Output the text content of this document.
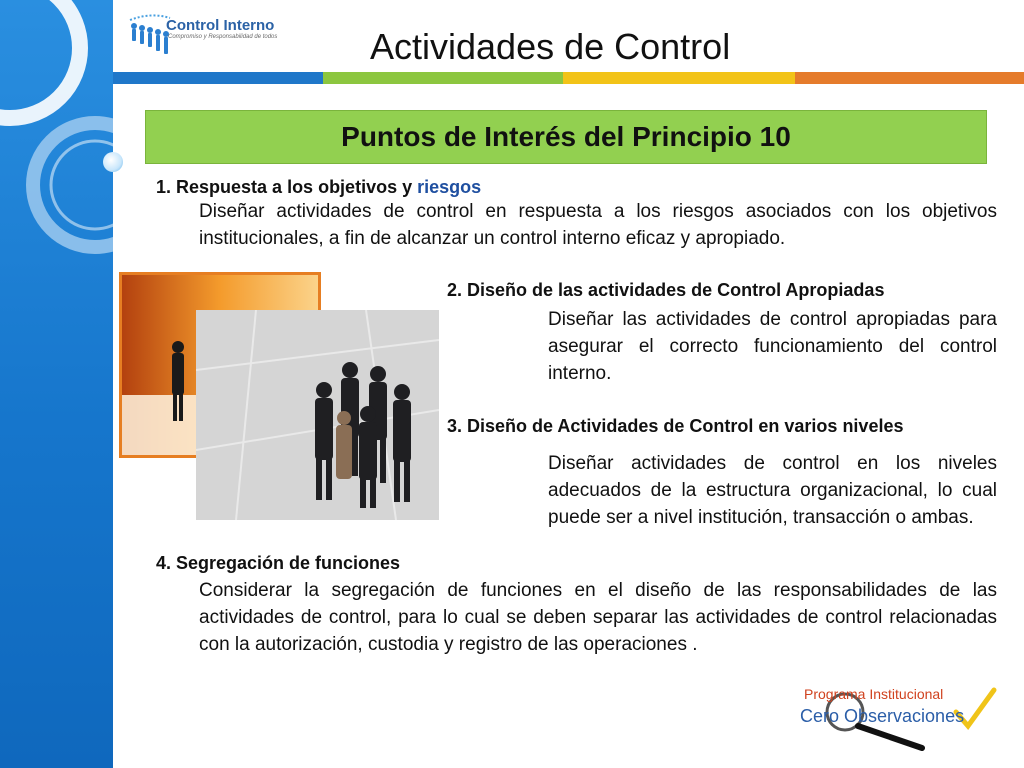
Control Interno
Compromiso y Responsabilidad de todos	Actividades de Control
Puntos de Interés del Principio 10
1. Respuesta a los objetivos y riesgos
Diseñar actividades de control en respuesta a los riesgos asociados con los objetivos institucionales, a fin de alcanzar un control interno eficaz y apropiado.
2. Diseño de las actividades de Control Apropiadas
Diseñar las actividades de control apropiadas para asegurar el correcto funcionamiento del control interno.
3. Diseño de Actividades de Control en varios niveles
Diseñar actividades de control en los niveles adecuados de la estructura organizacional, lo cual puede ser a nivel institución, transacción o ambas.
4. Segregación de funciones
Considerar la segregación de funciones en el diseño de las responsabilidades de las actividades de control, para lo cual se deben separar las actividades de control relacionadas con la autorización, custodia y registro de las operaciones .
Programa Institucional
Cero Observaciones
